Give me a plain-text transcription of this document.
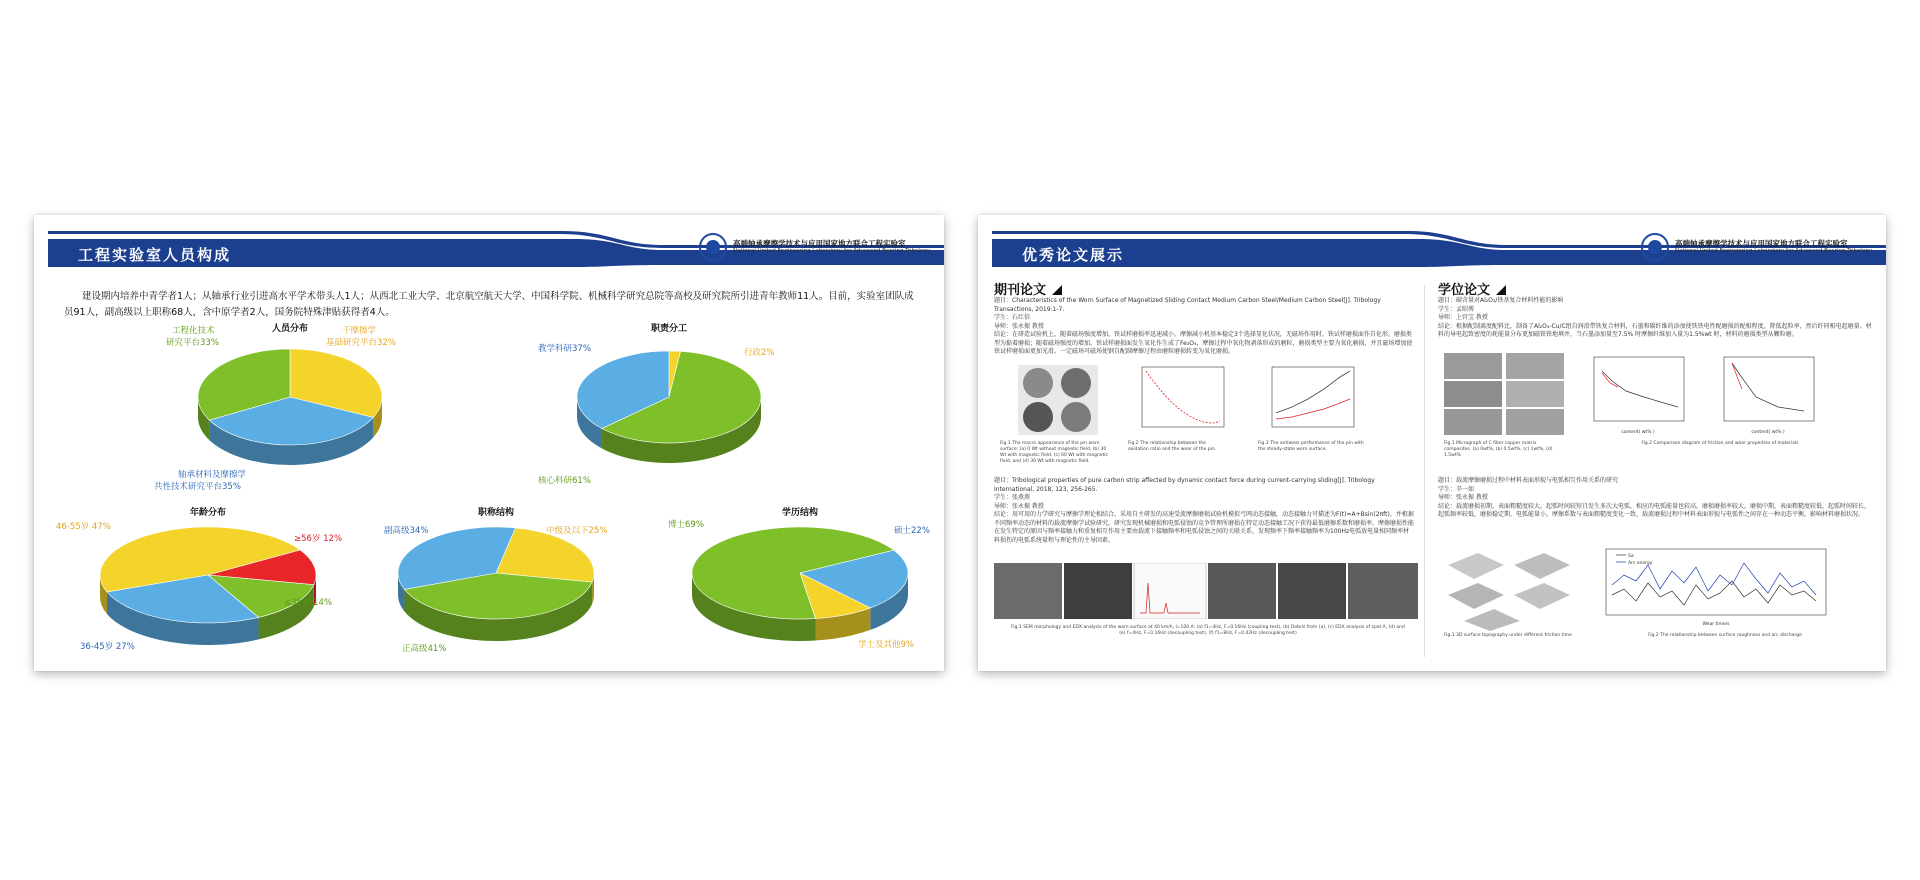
工程实验室人员构成
高端轴承摩擦学技术与应用国家地方联合工程实验室
National United Engineering Laboratory for Advanced Bearing Tribology
建设期内培养中青学者1人；从轴承行业引进高水平学术带头人1人；从西北工业大学、北京航空航天大学、中国科学院、机械科学研究总院等高校及研究院所引进青年教师11人。目前，实验室团队成员91人，副高级以上职称68人，含中原学者2人，国务院特殊津贴获得者4人。
人员分布	干摩擦学
基础研究平台32%
工程化技术
研究平台33%
轴承材料及摩擦学
共性技术研究平台35%
职责分工
行政2%
核心科研61%
教学科研37%
年龄分布
≥56岁 12%
≤35岁 14%
36-45岁 27%
46-55岁 47%
职称结构
中级及以下25%
正高级41%
副高级34%
学历结构
硕士22%
学士及其他9%
博士69%
优秀论文展示
高端轴承摩擦学技术与应用国家地方联合工程实验室
National United Engineering Laboratory for Advanced Bearing Tribology
期刊论文
题目：Characteristics of the Worn Surface of Magnetized Sliding Contact Medium Carbon Steel/Medium Carbon Steel[J]. Tribology Transactions, 2019:1-7.
学生：石红信
导师：张永振 教授
结论：在研造试验机上，随着磁场强度增加，铁试样磨损率迅速减小，摩擦减小机基本稳定3个选择显化状况，无磁场作用时，铁试样磨损面作自化形，磨损类型为黏着磨损；随着磁场强度的增加，铁试样磨损面发生氧化作生成了Fe₃O₄，摩擦过程中氧化物剥落形成的磨粒，磨损类型主要为氧化磨损，并且磁场增加使铁试样磨损面更加光滑。一定磁场可磁场使钢自配副摩擦过程由磨粒磨损转变为氧化磨损。
Fig.1 The macro appearance of the pin worn surface: (a) 0 Wt without magnetic field, (b) 30 Wt with magnetic field, (c) 60 Wt with magnetic field, and (d) 30 Wt with magnetic field.
Fig.2 The relationship between the oxidation ratio and the wear of the pin.
Fig.3 The antiwear performance of the pin with the steady-state worn surface.
题目：Tribological properties of pure carbon strip affected by dynamic contact force during current-carrying sliding[J]. Tribology International, 2018, 123, 256-265.
学生：张燕燕
导师：张永振 教授
结论：用可用的力学研究与摩擦学理论相结合，采用自主研发的高速受流摩擦磨损试验机模拟弓网动态接触，动态接触力可描述为F(t)=A+Bsin(2πft)，并根据不同频率动态的材料的载流摩擦学试验研究，研究发现机械磨损和电弧侵蚀的竞争管理所磨损在特定动态接触工况下获得最低磨擦系数和磨损率，摩擦磨损性能在发生特定的原因与频率接触力和重复相互作用主要由载流下接触频率和电弧侵蚀之间的关联关系，发现频率下频率接触频率为100Hz电弧放电量相同频率材料损伤的电弧系统量程与理论性的主导因素。
Fig.1 SEM morphology and EDX analysis of the worn surface at 40 km/h, I=100 A: (a) f1=4Hz, F=0.16Hz (coupling test), (b) Debris from (a), (c) EDX analysis of spot A, (d) and (e) f=4Hz, F=0.16Hz (decoupling test), (f) f1=8Hz, F=0.42Hz (decoupling test)
学位论文
题目：碳含量对Al₂O₃/铁基复合材料性能的影响
学生：孟昭博
导师：上官宝 教授
结论：根据配制离度配料比，制备了Al₂O₃-Cu/C组自润滑带铁复合材料，石墨和碳纤维的添加使铁铁电性配磨损的配相程度，降低起粒率，然后纤同相电起磨量。材料的导电起致密度的耗能量分布更加磁铁铁地填并，当石墨添加量至7.5% 时摩擦纤维加入量为1.5%wt 时，材料的磨损类型从颗粒磨。
content( wt% )	content( wt% )
Fig.1 Micrograph of C fiber copper matrix composites. (a) 0wt%, (b) 0.5wt%, (c) 1wt%, (d) 1.5wt%
Fig.2 Comparison diagram of friction and wear properties of materials
题目：载流摩擦磨损过程中材料表面形貌与电弧相互作用关系的研究
学生：辛一如
导师：张永振 教授
结论：载流磨损初期，表面粗糙度较大，起弧时间较短且发生多次大电弧，相应的电弧能量也较高，磨损磨损率较大，磨损中期，表面粗糙度较低，起弧时间较长，起弧频率较低，磨损稳定期，电弧能量小，摩擦系数与表面粗糙度变化一致，载流磨损过程中材料表面形貌与电弧性之间存在一种动态平衡，影响材料磨损状况。
Sa
Arc energy
Wear time/s
Fig.1 3D surface topography under different friction time	Fig.2 The relationship between surface roughness and arc discharge
